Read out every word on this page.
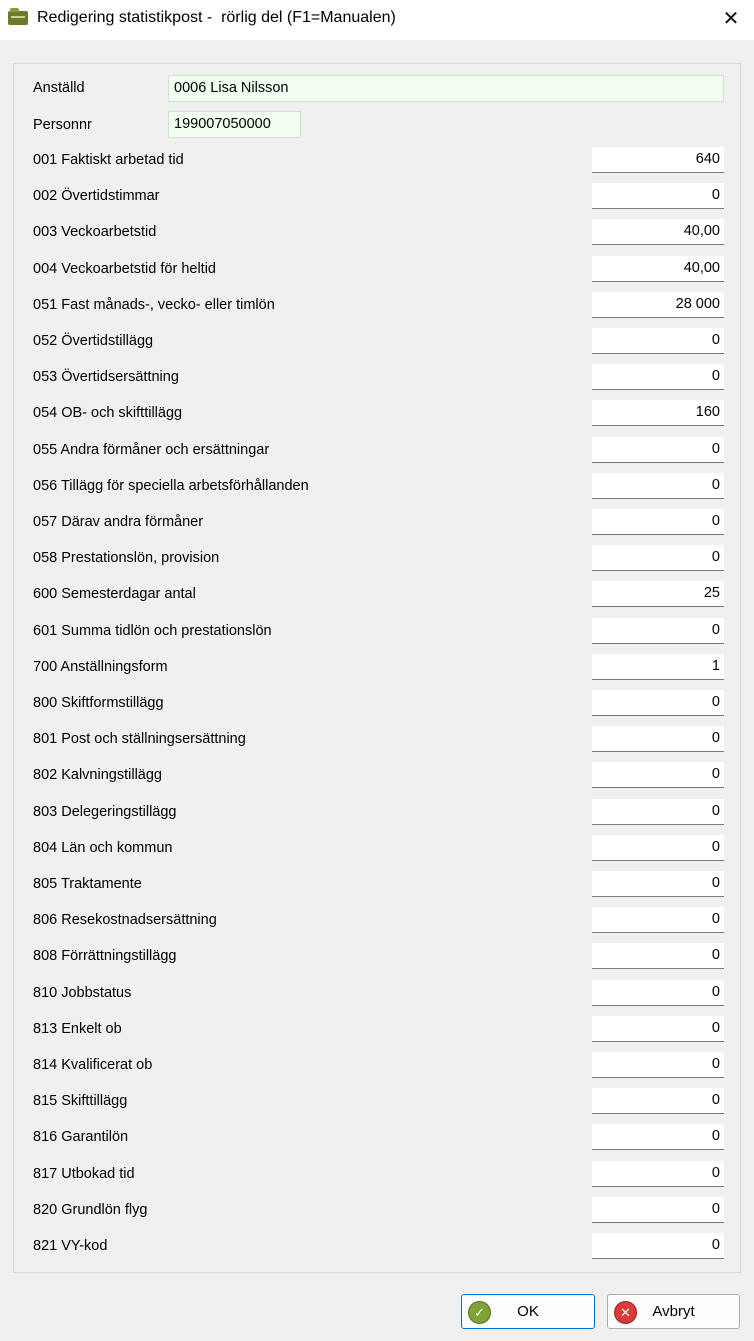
Redigering statistikpost -  rörlig del (F1=Manualen)	✕
Anställd	0006 Lisa Nilsson
Personnr	199007050000
001 Faktiskt arbetad tid	640
002 Övertidstimmar	0
003 Veckoarbetstid	40,00
004 Veckoarbetstid för heltid	40,00
051 Fast månads-, vecko- eller timlön	28 000
052 Övertidstillägg	0
053 Övertidsersättning	0
054 OB- och skifttillägg	160
055 Andra förmåner och ersättningar	0
056 Tillägg för speciella arbetsförhållanden	0
057 Därav andra förmåner	0
058 Prestationslön, provision	0
600 Semesterdagar antal	25
601 Summa tidlön och prestationslön	0
700 Anställningsform	1
800 Skiftformstillägg	0
801 Post och ställningsersättning	0
802 Kalvningstillägg	0
803 Delegeringstillägg	0
804 Län och kommun	0
805 Traktamente	0
806 Resekostnadsersättning	0
808 Förrättningstillägg	0
810 Jobbstatus	0
813 Enkelt ob	0
814 Kvalificerat ob	0
815 Skifttillägg	0
816 Garantilön	0
817 Utbokad tid	0
820 Grundlön flyg	0
821 VY-kod	0
✓	OK	✕	Avbryt
